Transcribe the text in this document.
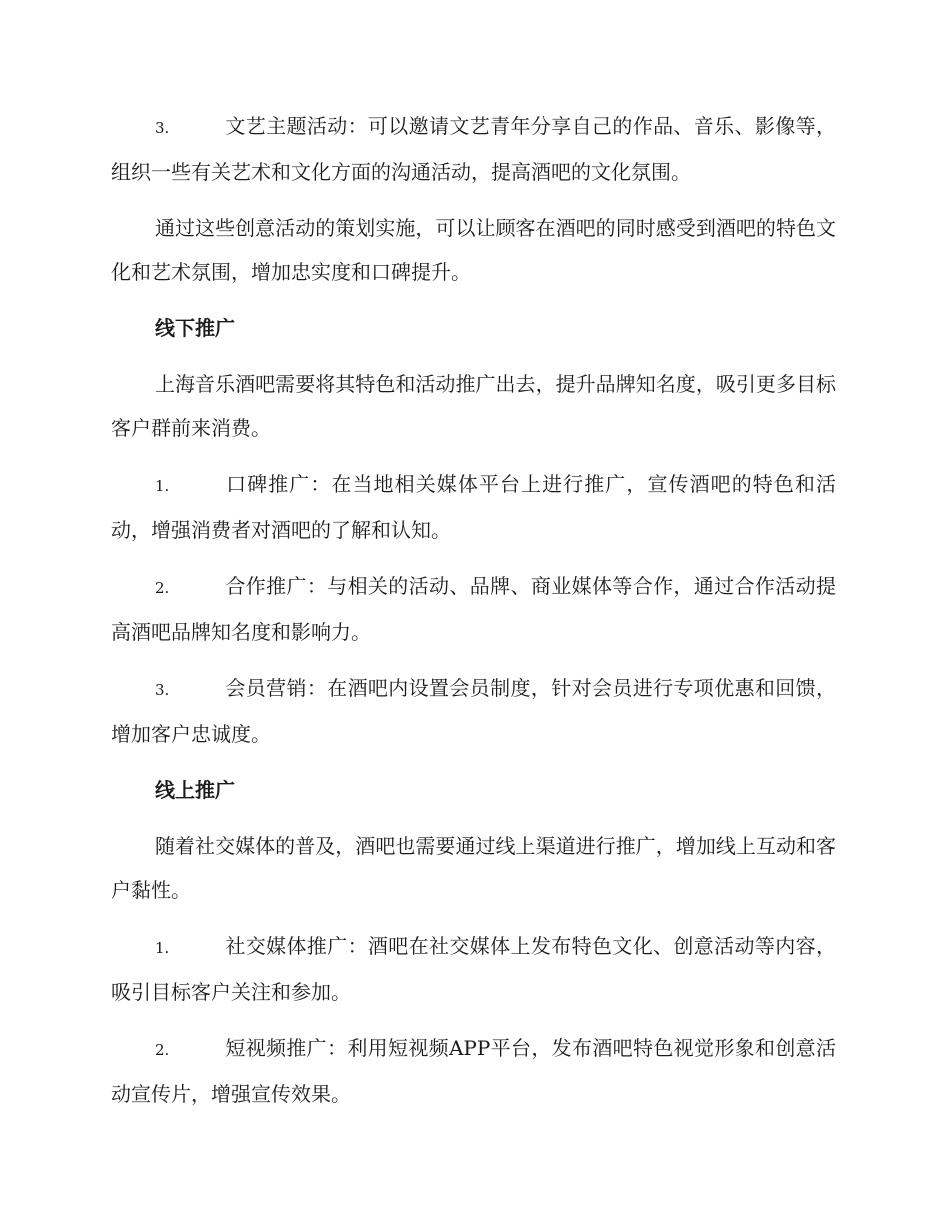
3.	文艺主题活动：可以邀请文艺青年分享自己的作品、音乐、影像等，组织一些有关艺术和文化方面的沟通活动，提高酒吧的文化氛围。

通过这些创意活动的策划实施，可以让顾客在酒吧的同时感受到酒吧的特色文化和艺术氛围，增加忠实度和口碑提升。

线下推广

上海音乐酒吧需要将其特色和活动推广出去，提升品牌知名度，吸引更多目标客户群前来消费。

1.	口碑推广：在当地相关媒体平台上进行推广，宣传酒吧的特色和活动，增强消费者对酒吧的了解和认知。

2.	合作推广：与相关的活动、品牌、商业媒体等合作，通过合作活动提高酒吧品牌知名度和影响力。

3.	会员营销：在酒吧内设置会员制度，针对会员进行专项优惠和回馈，增加客户忠诚度。

线上推广

随着社交媒体的普及，酒吧也需要通过线上渠道进行推广，增加线上互动和客户黏性。

1.	社交媒体推广：酒吧在社交媒体上发布特色文化、创意活动等内容，吸引目标客户关注和参加。

2.	短视频推广：利用短视频APP平台，发布酒吧特色视觉形象和创意活动宣传片，增强宣传效果。
